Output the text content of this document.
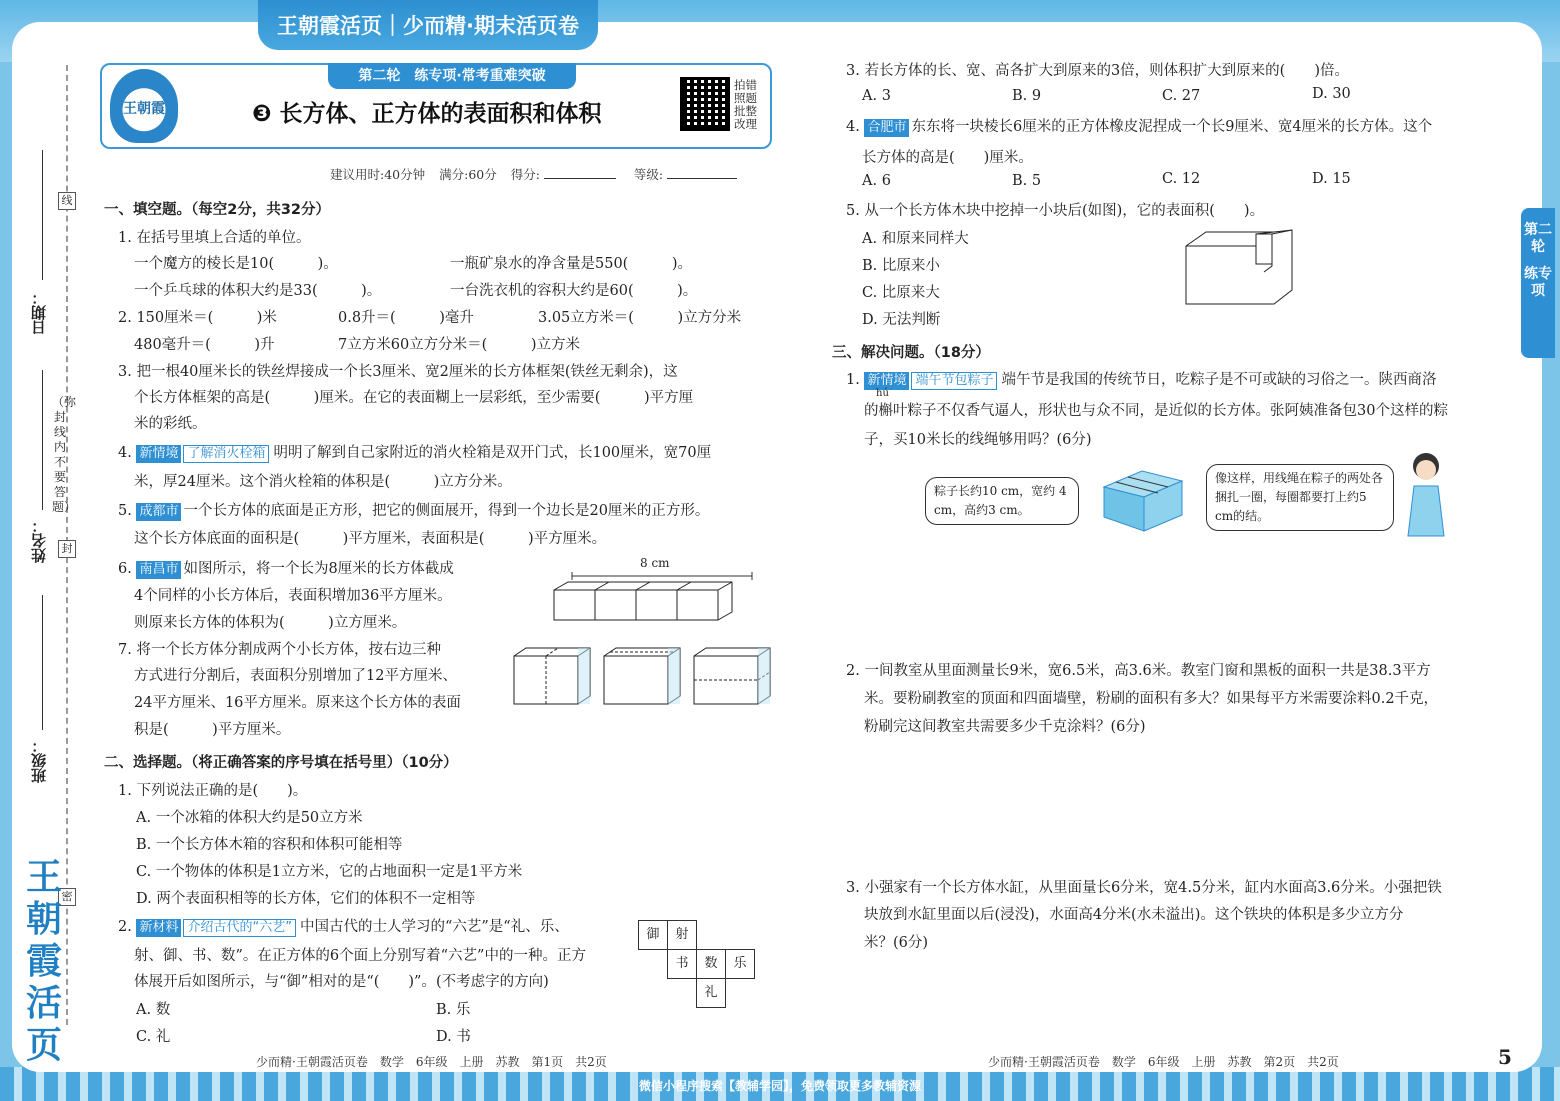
王朝霞活页｜少而精·期末活页卷
日期：
姓名：
班级：
线
封
密
（弥封线内不要答题）
王朝霞活页
第二轮
练专项
王朝霞
第二轮　练专项·常考重难突破
❸ 长方体、正方体的表面积和体积
拍错照题批整改理
建议用时:40分钟 满分:60分 得分:	等级:
一、填空题。（每空2分，共32分）
1. 在括号里填上合适的单位。
一个魔方的棱长是10(　　　)。	一瓶矿泉水的净含量是550(　　　)。
一个乒乓球的体积大约是33(　　　)。	一台洗衣机的容积大约是60(　　　)。
2. 150厘米＝(　　　)米	0.8升＝(　　　)毫升	3.05立方米＝(　　　)立方分米
480毫升＝(　　　)升	7立方米60立方分米＝(　　　)立方米
3. 把一根40厘米长的铁丝焊接成一个长3厘米、宽2厘米的长方体框架(铁丝无剩余)，这
个长方体框架的高是(　　　)厘米。在它的表面糊上一层彩纸，至少需要(　　　)平方厘
米的彩纸。
4. 新情境 了解消火栓箱 明明了解到自己家附近的消火栓箱是双开门式，长100厘米，宽70厘
米，厚24厘米。这个消火栓箱的体积是(　　　)立方分米。
5. 成都市 一个长方体的底面是正方形，把它的侧面展开，得到一个边长是20厘米的正方形。
这个长方体底面的面积是(　　　)平方厘米，表面积是(　　　)平方厘米。
6. 南昌市 如图所示，将一个长为8厘米的长方体截成
4个同样的小长方体后，表面积增加36平方厘米。
则原来长方体的体积为(　　　)立方厘米。
8 cm
7. 将一个长方体分割成两个小长方体，按右边三种
方式进行分割后，表面积分别增加了12平方厘米、
24平方厘米、16平方厘米。原来这个长方体的表面
积是(　　　)平方厘米。
二、选择题。（将正确答案的序号填在括号里）（10分）
1. 下列说法正确的是(　　)。
A. 一个冰箱的体积大约是50立方米
B. 一个长方体木箱的容积和体积可能相等
C. 一个物体的体积是1立方米，它的占地面积一定是1平方米
D. 两个表面积相等的长方体，它们的体积不一定相等
2. 新材料 介绍古代的“六艺” 中国古代的士人学习的“六艺”是“礼、乐、
射、御、书、数”。在正方体的6个面上分别写着“六艺”中的一种。正方
体展开后如图所示，与“御”相对的是“(　　)”。(不考虑字的方向)
A. 数	B. 乐
C. 礼	D. 书
御	射
书	数	乐
礼
3. 若长方体的长、宽、高各扩大到原来的3倍，则体积扩大到原来的(　　)倍。
A. 3	B. 9	C. 27	D. 30
4. 合肥市 东东将一块棱长6厘米的正方体橡皮泥捏成一个长9厘米、宽4厘米的长方体。这个
长方体的高是(　　)厘米。
A. 6	B. 5	C. 12	D. 15
5. 从一个长方体木块中挖掉一小块后(如图)，它的表面积(　　)。
A. 和原来同样大
B. 比原来小
C. 比原来大
D. 无法判断
三、解决问题。（18分）
1. 新情境 端午节包粽子 端午节是我国的传统节日，吃粽子是不可或缺的习俗之一。陕西商洛
hú
的槲叶粽子不仅香气逼人，形状也与众不同，是近似的长方体。张阿姨准备包30个这样的粽
子，买10米长的线绳够用吗？(6分)
粽子长约10 cm，宽约 4 cm，高约3 cm。
像这样，用线绳在粽子的两处各捆扎一圈，每圈都要打上约5 cm的结。
2. 一间教室从里面测量长9米，宽6.5米，高3.6米。教室门窗和黑板的面积一共是38.3平方
米。要粉刷教室的顶面和四面墙壁，粉刷的面积有多大？如果每平方米需要涂料0.2千克，
粉刷完这间教室共需要多少千克涂料？(6分)
3. 小强家有一个长方体水缸，从里面量长6分米，宽4.5分米，缸内水面高3.6分米。小强把铁
块放到水缸里面以后(浸没)，水面高4分米(水未溢出)。这个铁块的体积是多少立方分
米？(6分)
少而精·王朝霞活页卷　数学　6年级　上册　苏教　第1页　共2页	少而精·王朝霞活页卷　数学　6年级　上册　苏教　第2页　共2页	5
微信小程序搜索【教辅学园】，免费领取更多教辅资源
